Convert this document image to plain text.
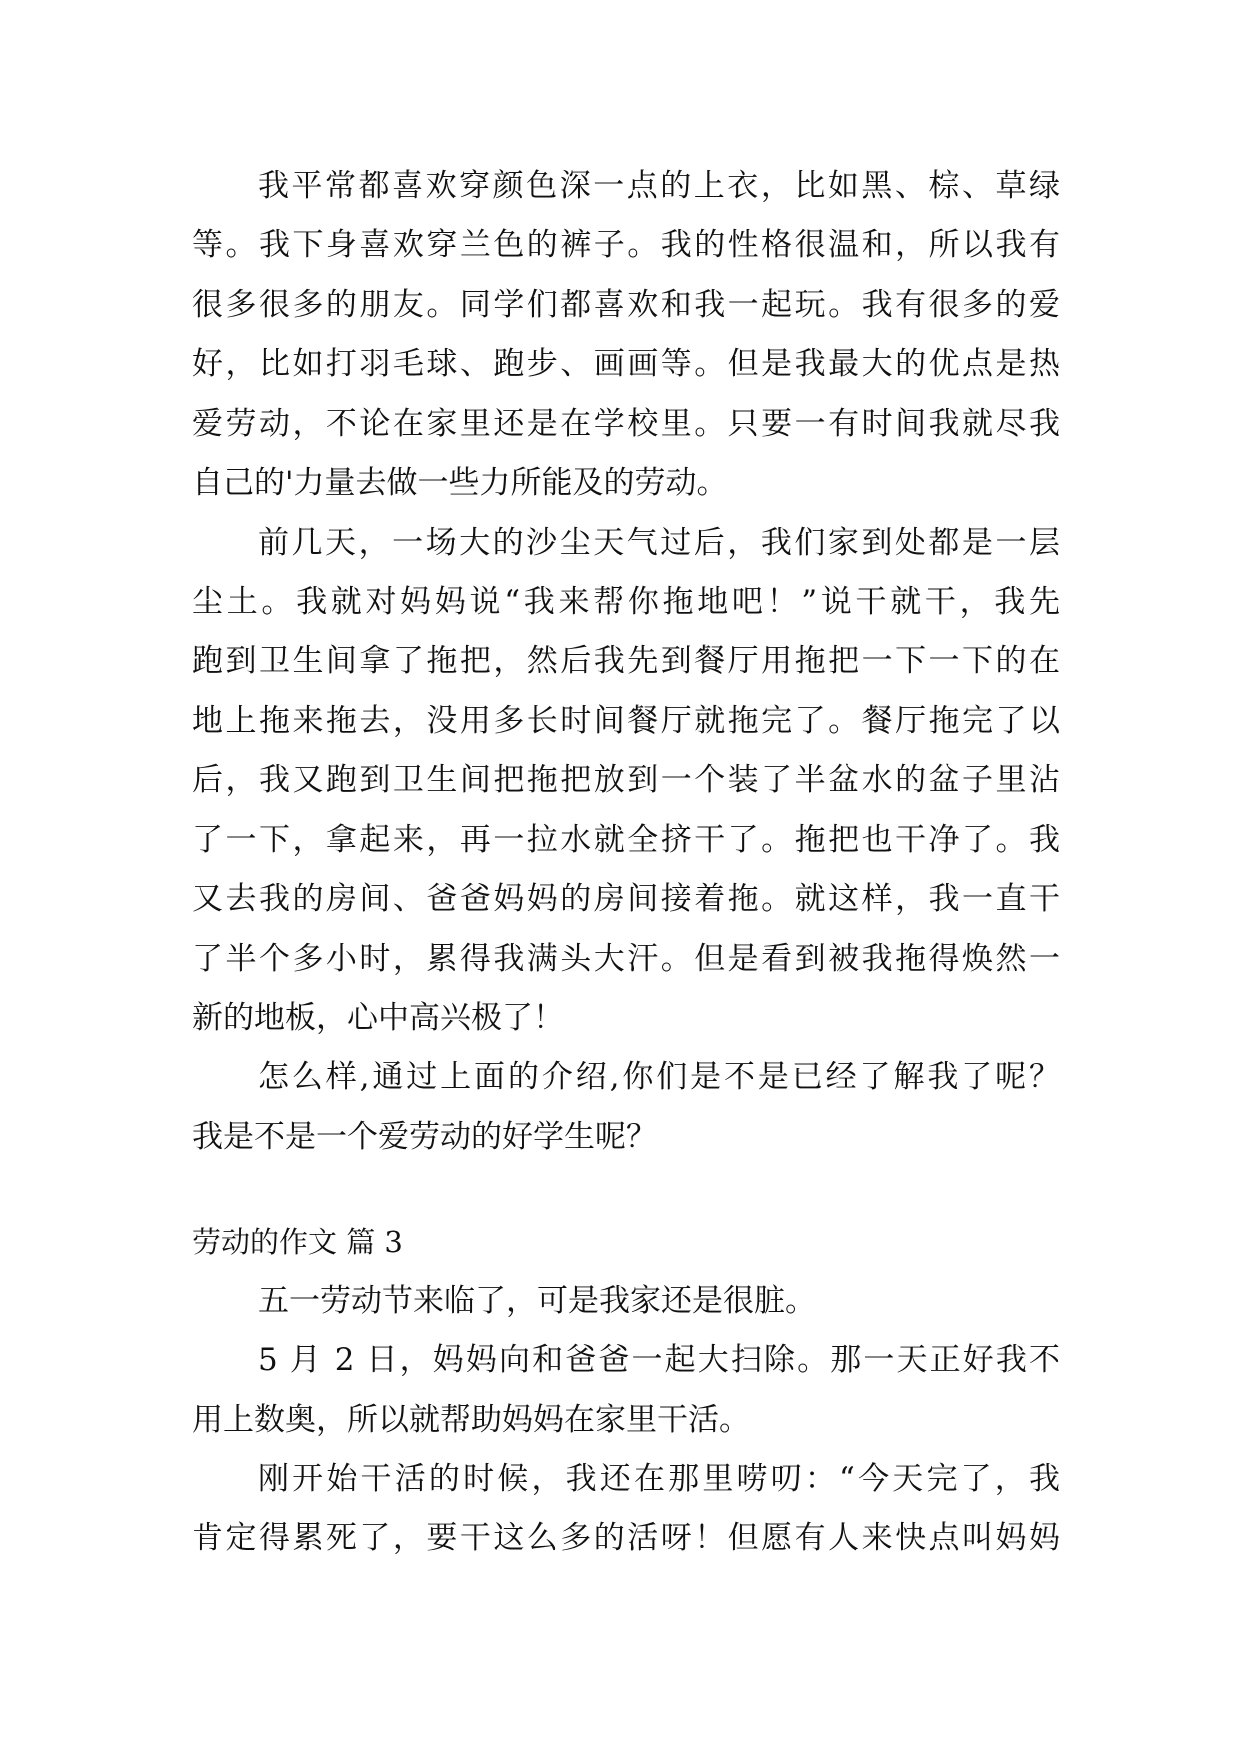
我平常都喜欢穿颜色深一点的上衣，比如黑、棕、草绿
等。我下身喜欢穿兰色的裤子。我的性格很温和，所以我有
很多很多的朋友。同学们都喜欢和我一起玩。我有很多的爱
好，比如打羽毛球、跑步、画画等。但是我最大的优点是热
爱劳动，不论在家里还是在学校里。只要一有时间我就尽我
自己的'力量去做一些力所能及的劳动。
前几天，一场大的沙尘天气过后，我们家到处都是一层
尘土。我就对妈妈说“我来帮你拖地吧！”说干就干，我先
跑到卫生间拿了拖把，然后我先到餐厅用拖把一下一下的在
地上拖来拖去，没用多长时间餐厅就拖完了。餐厅拖完了以
后，我又跑到卫生间把拖把放到一个装了半盆水的盆子里沾
了一下，拿起来，再一拉水就全挤干了。拖把也干净了。我
又去我的房间、爸爸妈妈的房间接着拖。就这样，我一直干
了半个多小时，累得我满头大汗。但是看到被我拖得焕然一
新的地板，心中高兴极了！
怎么样,通过上面的介绍,你们是不是已经了解我了呢？
我是不是一个爱劳动的好学生呢？
劳动的作文 篇 3
五一劳动节来临了，可是我家还是很脏。
5 月 2 日，妈妈向和爸爸一起大扫除。那一天正好我不
用上数奥，所以就帮助妈妈在家里干活。
刚开始干活的时候，我还在那里唠叨：“今天完了，我
肯定得累死了，要干这么多的活呀！但愿有人来快点叫妈妈
